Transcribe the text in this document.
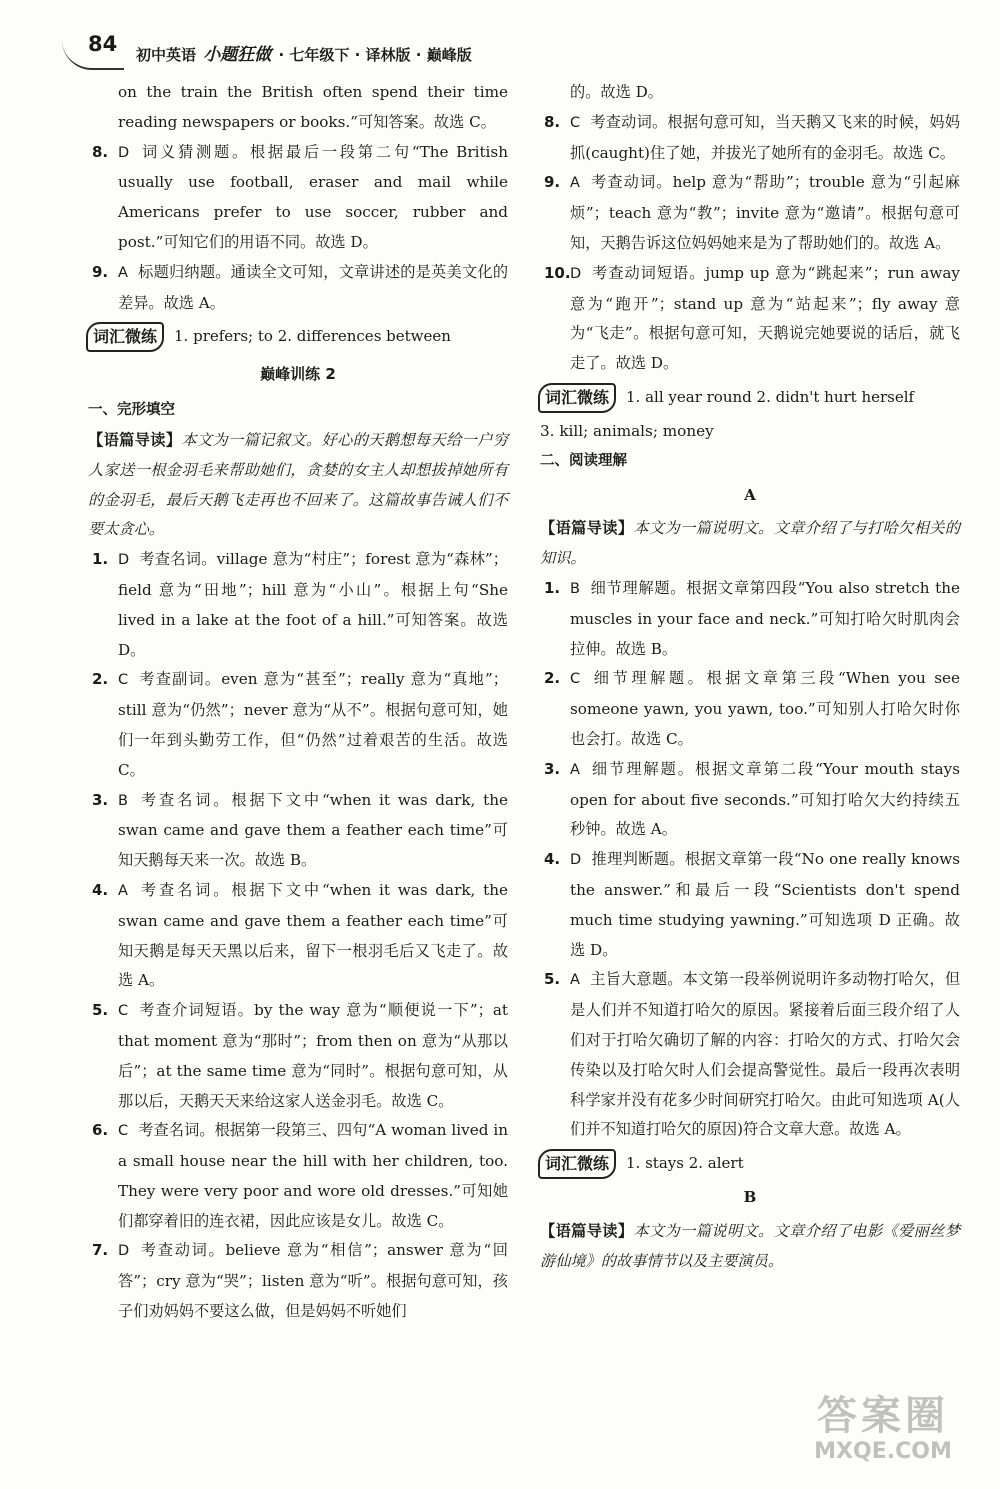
84 初中英语 小题狂做 · 七年级下 · 译林版 · 巅峰版

on the train the British often spend their time reading newspapers or books.”可知答案。故选 C。

8. D 词义猜测题。根据最后一段第二句“The British usually use football, eraser and mail while Americans prefer to use soccer, rubber and post.”可知它们的用语不同。故选 D。
9. A 标题归纳题。通读全文可知，文章讲述的是英美文化的差异。故选 A。
词汇微练	1. prefers; to 2. differences between
巅峰训练 2

一、完形填空

【语篇导读】本文为一篇记叙文。好心的天鹅想每天给一户穷人家送一根金羽毛来帮助她们，贪婪的女主人却想拔掉她所有的金羽毛，最后天鹅飞走再也不回来了。这篇故事告诫人们不要太贪心。

1. D 考查名词。village 意为“村庄”；forest 意为“森林”；field 意为“田地”；hill 意为“小山”。根据上句“She lived in a lake at the foot of a hill.”可知答案。故选 D。
2. C 考查副词。even 意为“甚至”；really 意为“真地”；still 意为“仍然”；never 意为“从不”。根据句意可知，她们一年到头勤劳工作，但“仍然”过着艰苦的生活。故选 C。
3. B 考查名词。根据下文中“when it was dark, the swan came and gave them a feather each time”可知天鹅每天来一次。故选 B。
4. A 考查名词。根据下文中“when it was dark, the swan came and gave them a feather each time”可知天鹅是每天天黑以后来，留下一根羽毛后又飞走了。故选 A。
5. C 考查介词短语。by the way 意为“顺便说一下”；at that moment 意为“那时”；from then on 意为“从那以后”；at the same time 意为“同时”。根据句意可知，从那以后，天鹅天天来给这家人送金羽毛。故选 C。
6. C 考查名词。根据第一段第三、四句“A woman lived in a small house near the hill with her children, too. They were very poor and wore old dresses.”可知她们都穿着旧的连衣裙，因此应该是女儿。故选 C。
7. D 考查动词。believe 意为“相信”；answer 意为“回答”；cry 意为“哭”；listen 意为“听”。根据句意可知，孩子们劝妈妈不要这么做，但是妈妈不听她们

的。故选 D。

8. C 考查动词。根据句意可知，当天鹅又飞来的时候，妈妈抓(caught)住了她，并拔光了她所有的金羽毛。故选 C。
9. A 考查动词。help 意为“帮助”；trouble 意为“引起麻烦”；teach 意为“教”；invite 意为“邀请”。根据句意可知，天鹅告诉这位妈妈她来是为了帮助她们的。故选 A。
10. D 考查动词短语。jump up 意为“跳起来”；run away 意为“跑开”；stand up 意为“站起来”；fly away 意为“飞走”。根据句意可知，天鹅说完她要说的话后，就飞走了。故选 D。
词汇微练	1. all year round 2. didn't hurt herself

3. kill; animals; money

二、阅读理解

A

【语篇导读】本文为一篇说明文。文章介绍了与打哈欠相关的知识。

1. B 细节理解题。根据文章第四段“You also stretch the muscles in your face and neck.”可知打哈欠时肌肉会拉伸。故选 B。
2. C 细节理解题。根据文章第三段“When you see someone yawn, you yawn, too.”可知别人打哈欠时你也会打。故选 C。
3. A 细节理解题。根据文章第二段“Your mouth stays open for about five seconds.”可知打哈欠大约持续五秒钟。故选 A。
4. D 推理判断题。根据文章第一段“No one really knows the answer.”和最后一段“Scientists don't spend much time studying yawning.”可知选项 D 正确。故选 D。
5. A 主旨大意题。本文第一段举例说明许多动物打哈欠，但是人们并不知道打哈欠的原因。紧接着后面三段介绍了人们对于打哈欠确切了解的内容：打哈欠的方式、打哈欠会传染以及打哈欠时人们会提高警觉性。最后一段再次表明科学家并没有花多少时间研究打哈欠。由此可知选项 A(人们并不知道打哈欠的原因)符合文章大意。故选 A。
词汇微练	1. stays 2. alert
B

【语篇导读】本文为一篇说明文。文章介绍了电影《爱丽丝梦游仙境》的故事情节以及主要演员。

答案圈
MXQE.COM
